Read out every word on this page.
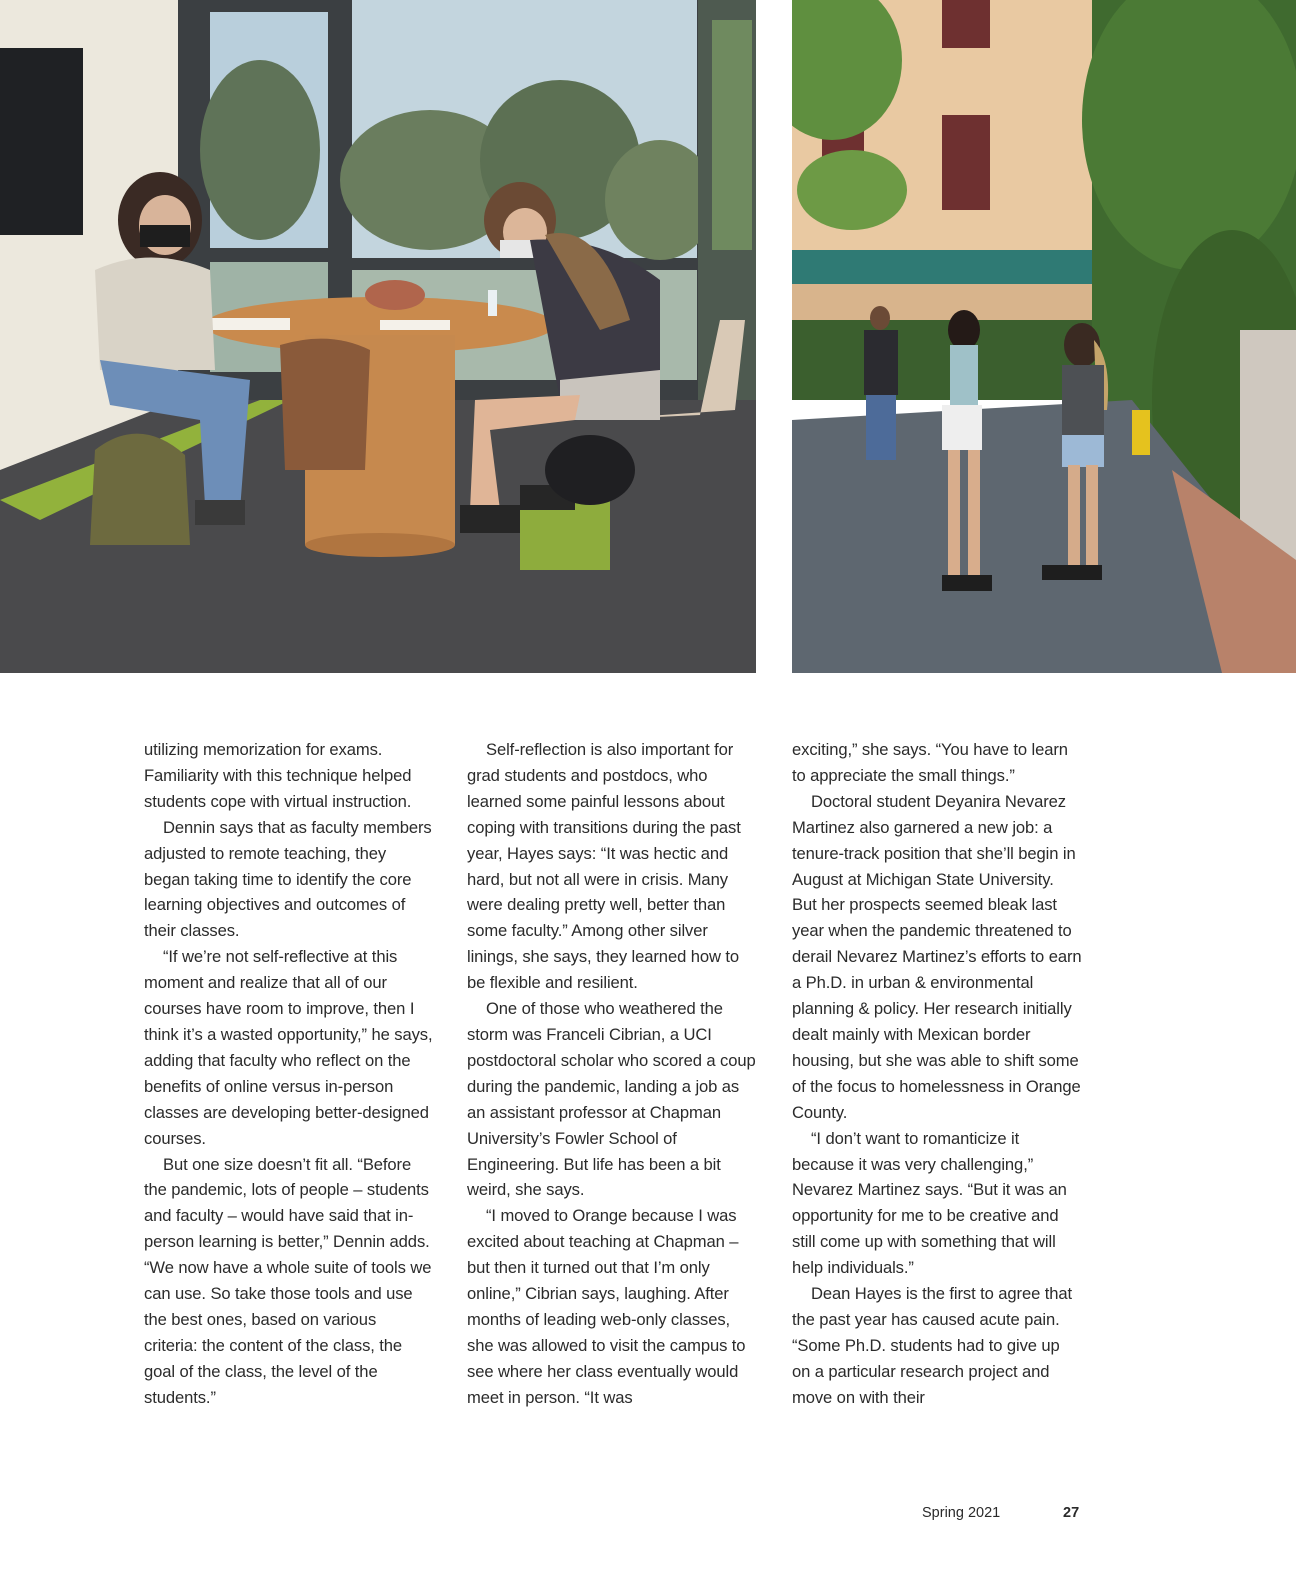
utilizing memorization for exams. Familiarity with this technique helped students cope with virtual instruction.

Dennin says that as faculty members adjusted to remote teaching, they began taking time to identify the core learning objectives and outcomes of their classes.

“If we’re not self-reflective at this moment and realize that all of our courses have room to improve, then I think it’s a wasted opportunity,” he says, adding that faculty who reflect on the benefits of online versus in-person classes are developing better-designed courses.

But one size doesn’t fit all. “Before the pandemic, lots of people – students and faculty – would have said that in-person learning is better,” Dennin adds. “We now have a whole suite of tools we can use. So take those tools and use the best ones, based on various criteria: the content of the class, the goal of the class, the level of the students.”

Self-reflection is also important for grad students and postdocs, who learned some painful lessons about coping with transitions during the past year, Hayes says: “It was hectic and hard, but not all were in crisis. Many were dealing pretty well, better than some faculty.” Among other silver linings, she says, they learned how to be flexible and resilient.

One of those who weathered the storm was Franceli Cibrian, a UCI postdoctoral scholar who scored a coup during the pandemic, landing a job as an assistant professor at Chapman University’s Fowler School of Engineering. But life has been a bit weird, she says.

“I moved to Orange because I was excited about teaching at Chapman – but then it turned out that I’m only online,” Cibrian says, laughing. After months of leading web-only classes, she was allowed to visit the campus to see where her class eventually would meet in person. “It was

exciting,” she says. “You have to learn to appreciate the small things.”

Doctoral student Deyanira Nevarez Martinez also garnered a new job: a tenure-track position that she’ll begin in August at Michigan State University. But her prospects seemed bleak last year when the pandemic threatened to derail Nevarez Martinez’s efforts to earn a Ph.D. in urban & environmental planning & policy. Her research initially dealt mainly with Mexican border housing, but she was able to shift some of the focus to homelessness in Orange County.

“I don’t want to romanticize it because it was very challenging,” Nevarez Martinez says. “But it was an opportunity for me to be creative and still come up with something that will help individuals.”

Dean Hayes is the first to agree that the past year has caused acute pain. “Some Ph.D. students had to give up on a particular research project and move on with their

Spring 2021	27
